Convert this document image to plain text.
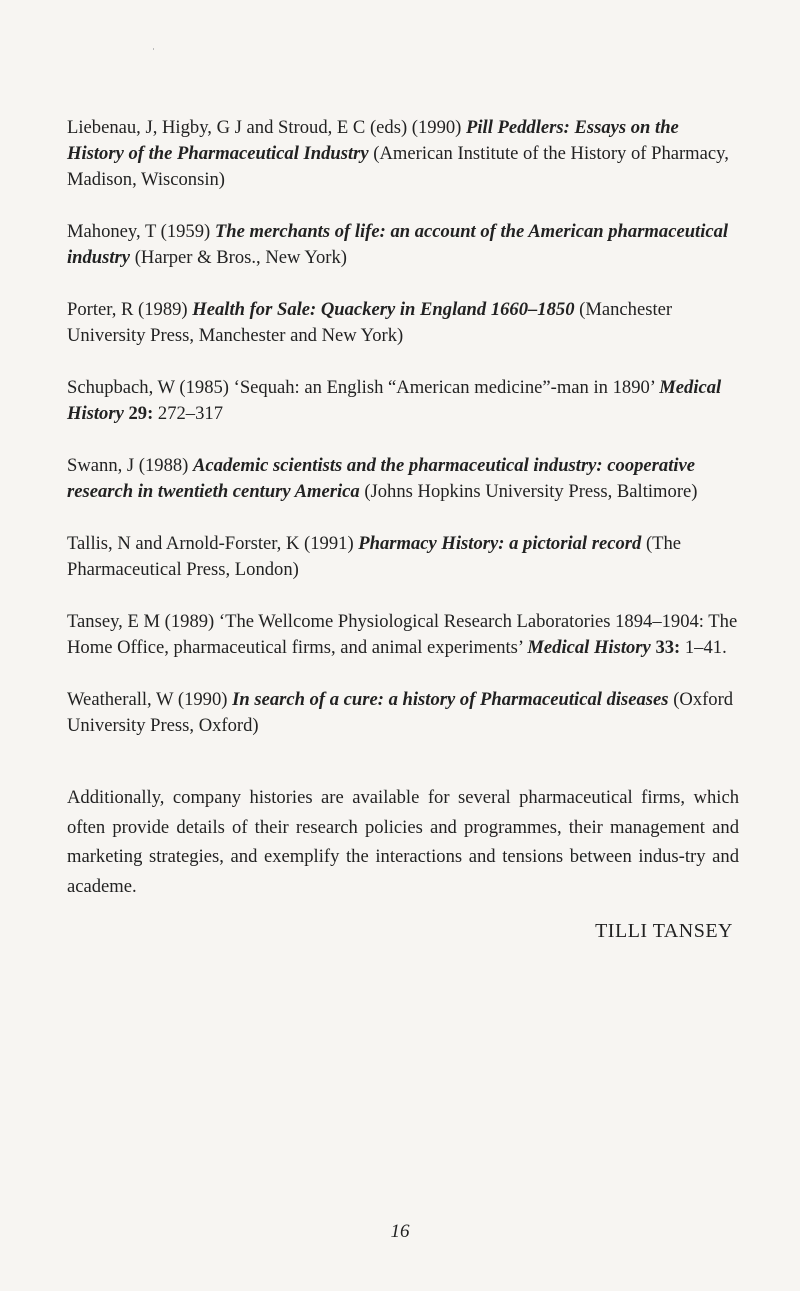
Liebenau, J, Higby, G J and Stroud, E C (eds) (1990) Pill Peddlers: Essays on the History of the Pharmaceutical Industry (American Institute of the History of Pharmacy, Madison, Wisconsin)

Mahoney, T (1959) The merchants of life: an account of the American pharmaceutical industry (Harper & Bros., New York)

Porter, R (1989) Health for Sale: Quackery in England 1660–1850 (Manchester University Press, Manchester and New York)

Schupbach, W (1985) ‘Sequah: an English “American medicine”-man in 1890’ Medical History 29: 272–317

Swann, J (1988) Academic scientists and the pharmaceutical industry: cooperative research in twentieth century America (Johns Hopkins University Press, Baltimore)

Tallis, N and Arnold-Forster, K (1991) Pharmacy History: a pictorial record (The Pharmaceutical Press, London)

Tansey, E M (1989) ‘The Wellcome Physiological Research Laboratories 1894–1904: The Home Office, pharmaceutical firms, and animal experiments’ Medical History 33: 1–41.

Weatherall, W (1990) In search of a cure: a history of Pharmaceutical diseases (Oxford University Press, Oxford)

Additionally, company histories are available for several pharmaceutical firms, which often provide details of their research policies and programmes, their management and marketing strategies, and exemplify the interactions and tensions between indus-try and academe.

TILLI TANSEY
16
